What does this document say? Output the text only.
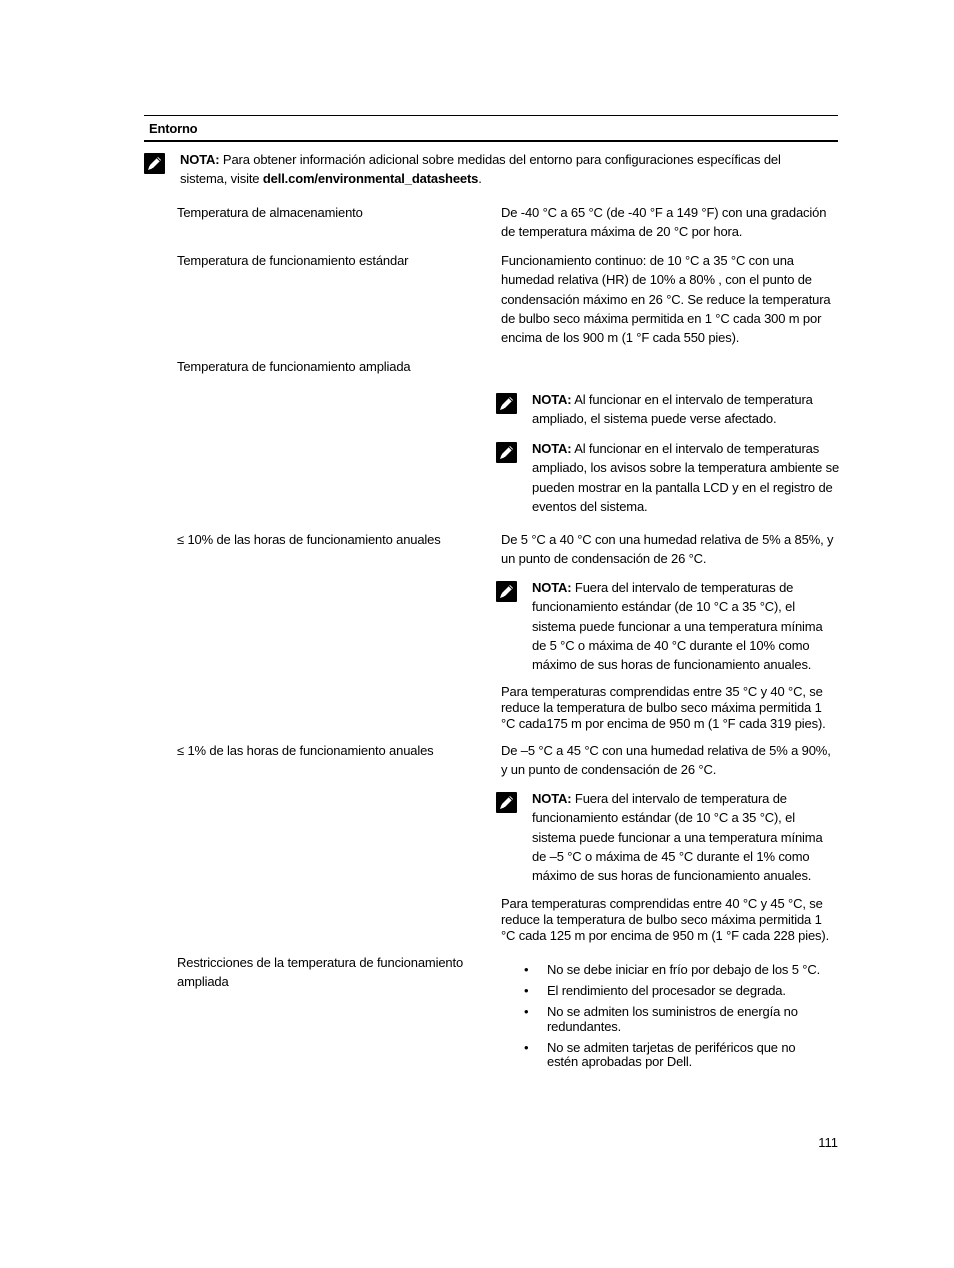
Entorno
NOTA: Para obtener información adicional sobre medidas del entorno para configuraciones específicas del sistema, visite dell.com/environmental_datasheets.
Temperatura de almacenamiento	De -40 °C a 65 °C (de -40 °F a 149 °F) con una gradación de temperatura máxima de 20 °C por hora.
Temperatura de funcionamiento estándar	Funcionamiento continuo: de 10 °C a 35 °C con una humedad relativa (HR) de 10% a 80% , con el punto de condensación máximo en 26 °C. Se reduce la temperatura de bulbo seco máxima permitida en 1 °C cada 300 m por encima de los 900 m (1 °F cada 550 pies).
Temperatura de funcionamiento ampliada
NOTA: Al funcionar en el intervalo de temperatura ampliado, el sistema puede verse afectado.
NOTA: Al funcionar en el intervalo de temperaturas ampliado, los avisos sobre la temperatura ambiente se pueden mostrar en la pantalla LCD y en el registro de eventos del sistema.
≤ 10% de las horas de funcionamiento anuales	De 5 °C a 40 °C con una humedad relativa de 5% a 85%, y un punto de condensación de 26 °C.
NOTA: Fuera del intervalo de temperaturas de funcionamiento estándar (de 10 °C a 35 °C), el sistema puede funcionar a una temperatura mínima de 5 °C o máxima de 40 °C durante el 10% como máximo de sus horas de funcionamiento anuales.
Para temperaturas comprendidas entre 35 °C y 40 °C, se reduce la temperatura de bulbo seco máxima permitida 1 °C cada175 m por encima de 950 m (1 °F cada 319 pies).
≤ 1% de las horas de funcionamiento anuales	De –5 °C a 45 °C con una humedad relativa de 5% a 90%, y un punto de condensación de 26 °C.
NOTA: Fuera del intervalo de temperatura de funcionamiento estándar (de 10 °C a 35 °C), el sistema puede funcionar a una temperatura mínima de –5 °C o máxima de 45 °C durante el 1% como máximo de sus horas de funcionamiento anuales.
Para temperaturas comprendidas entre 40 °C y 45 °C, se reduce la temperatura de bulbo seco máxima permitida 1 °C cada 125 m por encima de 950 m (1 °F cada 228 pies).
Restricciones de la temperatura de funcionamiento ampliada
• No se debe iniciar en frío por debajo de los 5 °C.
• El rendimiento del procesador se degrada.
• No se admiten los suministros de energía no redundantes.
• No se admiten tarjetas de periféricos que no estén aprobadas por Dell.
111
